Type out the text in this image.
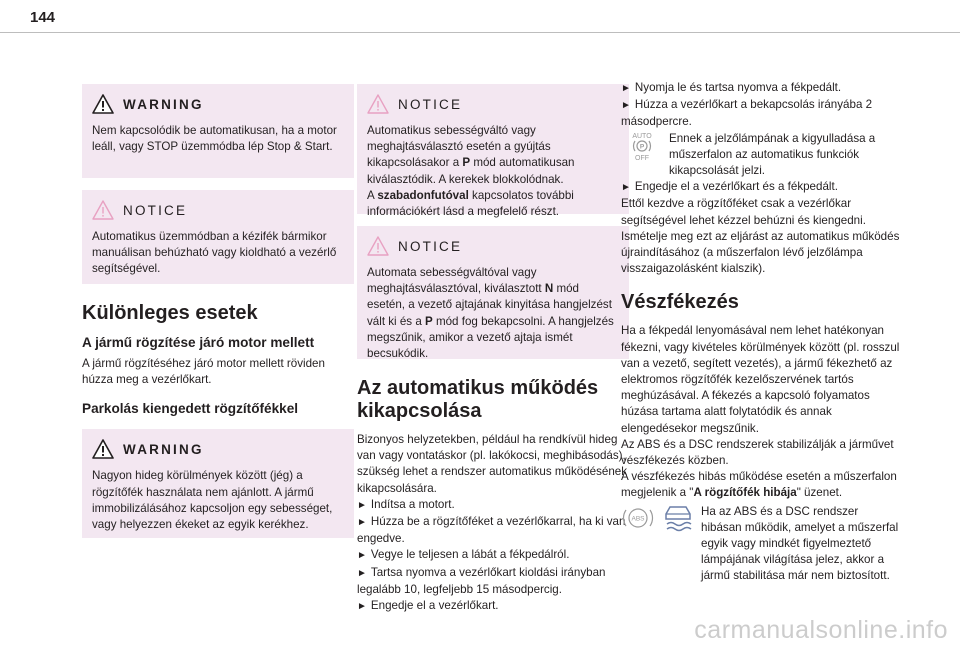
144
WARNING
Nem kapcsolódik be automatikusan, ha a motor leáll, vagy STOP üzemmódba lép Stop & Start.
NOTICE
Automatikus üzemmódban a kézifék bármikor manuálisan behúzható vagy kioldható a vezérlő segítségével.
Különleges esetek
A jármű rögzítése járó motor mellett

A jármű rögzítéséhez járó motor mellett röviden húzza meg a vezérlőkart.

Parkolás kiengedett rögzítőfékkel
WARNING
Nagyon hideg körülmények között (jég) a rögzítőfék használata nem ajánlott. A jármű immobilizálásához kapcsoljon egy sebességet, vagy helyezzen ékeket az egyik kerékhez.
NOTICE
Automatikus sebességváltó vagy meghajtásválasztó esetén a gyújtás kikapcsolásakor a P mód automatikusan kiválasztódik. A kerekek blokkolódnak.
A szabadonfutóval kapcsolatos további információkért lásd a megfelelő részt.
NOTICE
Automata sebességváltóval vagy meghajtásválasztóval, kiválasztott N mód esetén, a vezető ajtajának kinyitása hangjelzést vált ki és a P mód fog bekapcsolni. A hangjelzés megszűnik, amikor a vezető ajtaja ismét becsukódik.
Az automatikus működés kikapcsolása

Bizonyos helyzetekben, például ha rendkívül hideg van vagy vontatáskor (pl. lakókocsi, meghibásodás), szükség lehet a rendszer automatikus működésének kikapcsolására.

► Indítsa a motort.
► Húzza be a rögzítőféket a vezérlőkarral, ha ki van engedve.
► Vegye le teljesen a lábát a fékpedálról.
► Tartsa nyomva a vezérlőkart kioldási irányban legalább 10, legfeljebb 15 másodpercig.
► Engedje el a vezérlőkart.
► Nyomja le és tartsa nyomva a fékpedált.
► Húzza a vezérlőkart a bekapcsolás irányába 2 másodpercre.
AUTO
P
OFF
Ennek a jelzőlámpának a kigyulladása a műszerfalon az automatikus funkciók kikapcsolását jelzi.
► Engedje el a vezérlőkart és a fékpedált.

Ettől kezdve a rögzítőféket csak a vezérlőkar segítségével lehet kézzel behúzni és kiengedni. Ismételje meg ezt az eljárást az automatikus működés újraindításához (a műszerfalon lévő jelzőlámpa visszaigazolásként kialszik).

Vészfékezés

Ha a fékpedál lenyomásával nem lehet hatékonyan fékezni, vagy kivételes körülmények között (pl. rosszul van a vezető, segített vezetés), a jármű fékezhető az elektromos rögzítőfék kezelőszervének tartós meghúzásával. A fékezés a kapcsoló folyamatos húzása tartama alatt folytatódik és annak elengedésekor megszűnik.

Az ABS és a DSC rendszerek stabilizálják a járművet vészfékezés közben.

A vészfékezés hibás működése esetén a műszerfalon megjelenik a "A rögzítőfék hibája" üzenet.

ABS
Ha az ABS és a DSC rendszer hibásan működik, amelyet a műszerfal egyik vagy mindkét figyelmeztető lámpájának világítása jelez, akkor a jármű stabilitása már nem biztosított.
carmanualsonline.info
